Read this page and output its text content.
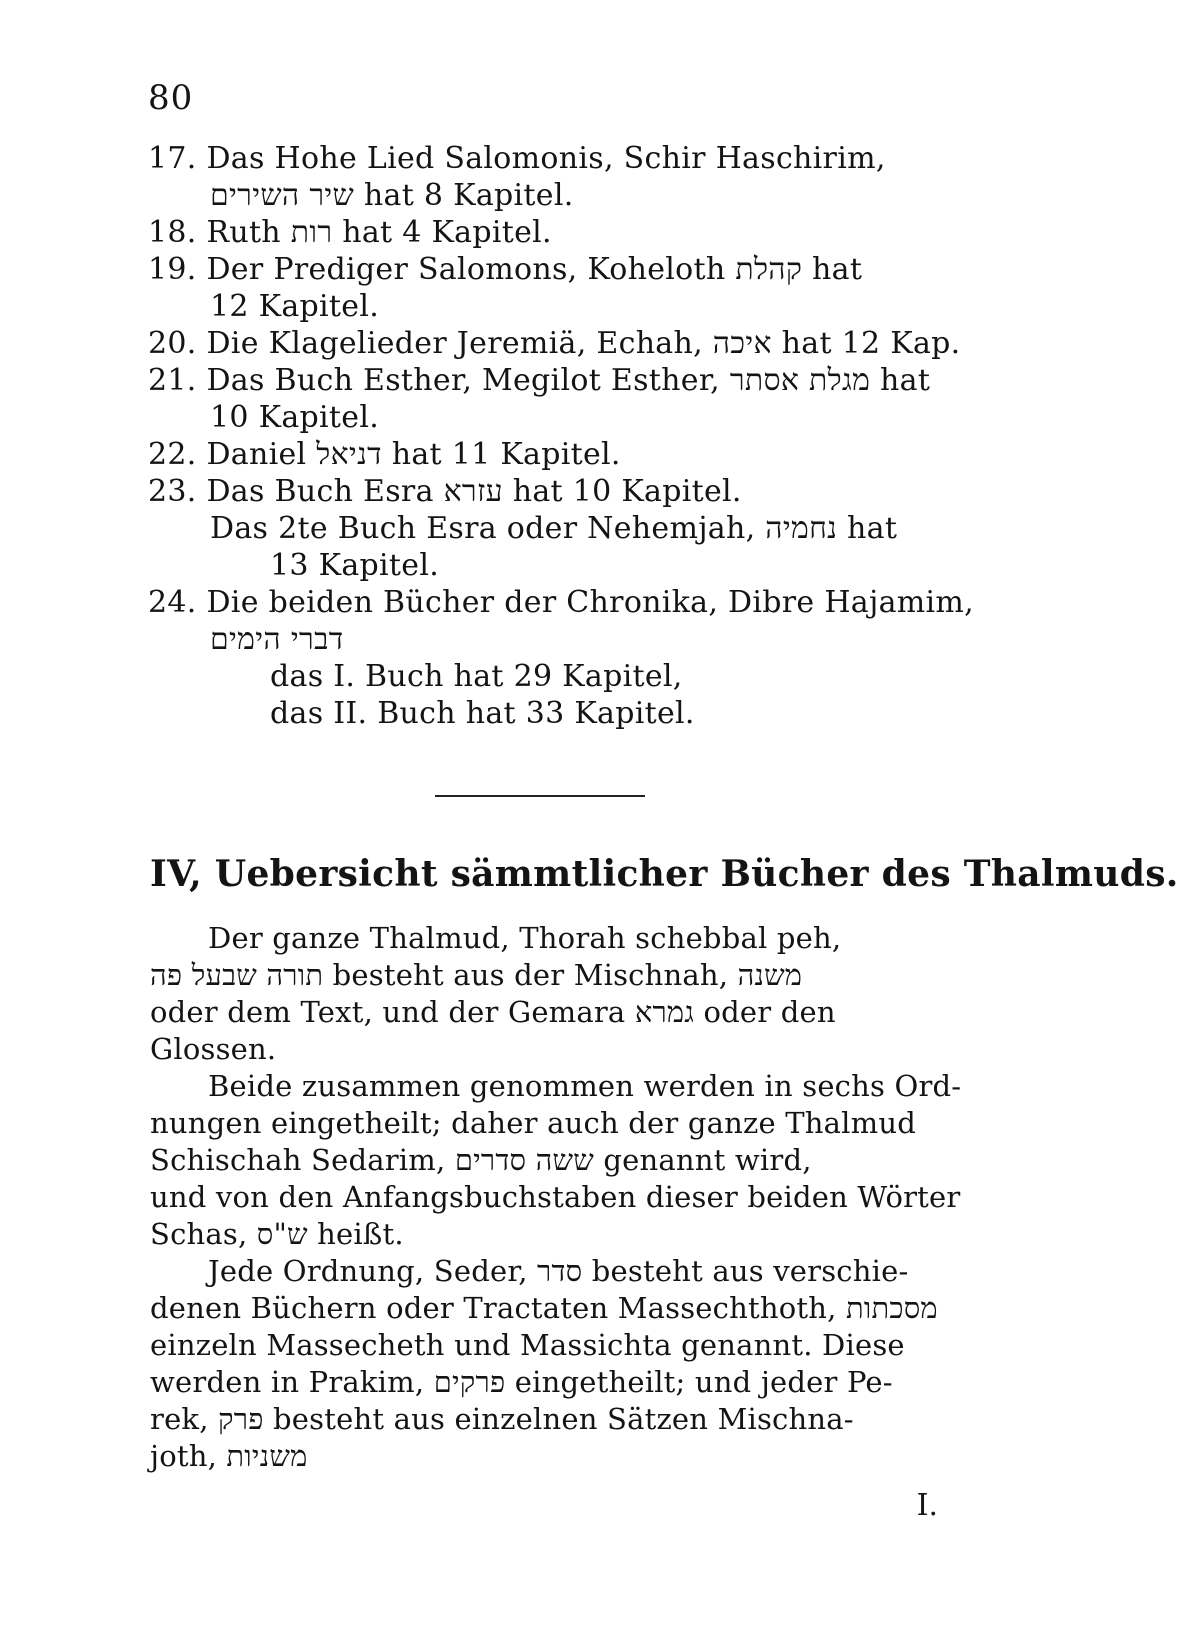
80
17. Das Hohe Lied Salomonis, Schir Haschirim,
שיר השירים hat 8 Kapitel.
18. Ruth רות hat 4 Kapitel.
19. Der Prediger Salomons, Koheloth קהלת hat
12 Kapitel.
20. Die Klagelieder Jeremiä, Echah, איכה hat 12 Kap.
21. Das Buch Esther, Megilot Esther, מגלת אסתר hat
10 Kapitel.
22. Daniel דניאל hat 11 Kapitel.
23. Das Buch Esra עזרא hat 10 Kapitel.
Das 2te Buch Esra oder Nehemjah, נחמיה hat
13 Kapitel.
24. Die beiden Bücher der Chronika, Dibre Hajamim,
דברי הימים
das I. Buch hat 29 Kapitel,
das II. Buch hat 33 Kapitel.
IV, Uebersicht sämmtlicher Bücher des Thalmuds.
Der ganze Thalmud, Thorah schebbal peh,
תורה שבעל פה besteht aus der Mischnah, משנה
oder dem Text, und der Gemara גמרא oder den
Glossen.
Beide zusammen genommen werden in sechs Ord-
nungen eingetheilt; daher auch der ganze Thalmud
Schischah Sedarim, ששה סדרים genannt wird,
und von den Anfangsbuchstaben dieser beiden Wörter
Schas, ש"ס heißt.
Jede Ordnung, Seder, סדר besteht aus verschie-
denen Büchern oder Tractaten Massechthoth, מסכתות
einzeln Massecheth und Massichta genannt. Diese
werden in Prakim, פרקים eingetheilt; und jeder Pe-
rek, פרק besteht aus einzelnen Sätzen Mischna-
joth, משניות
I.
